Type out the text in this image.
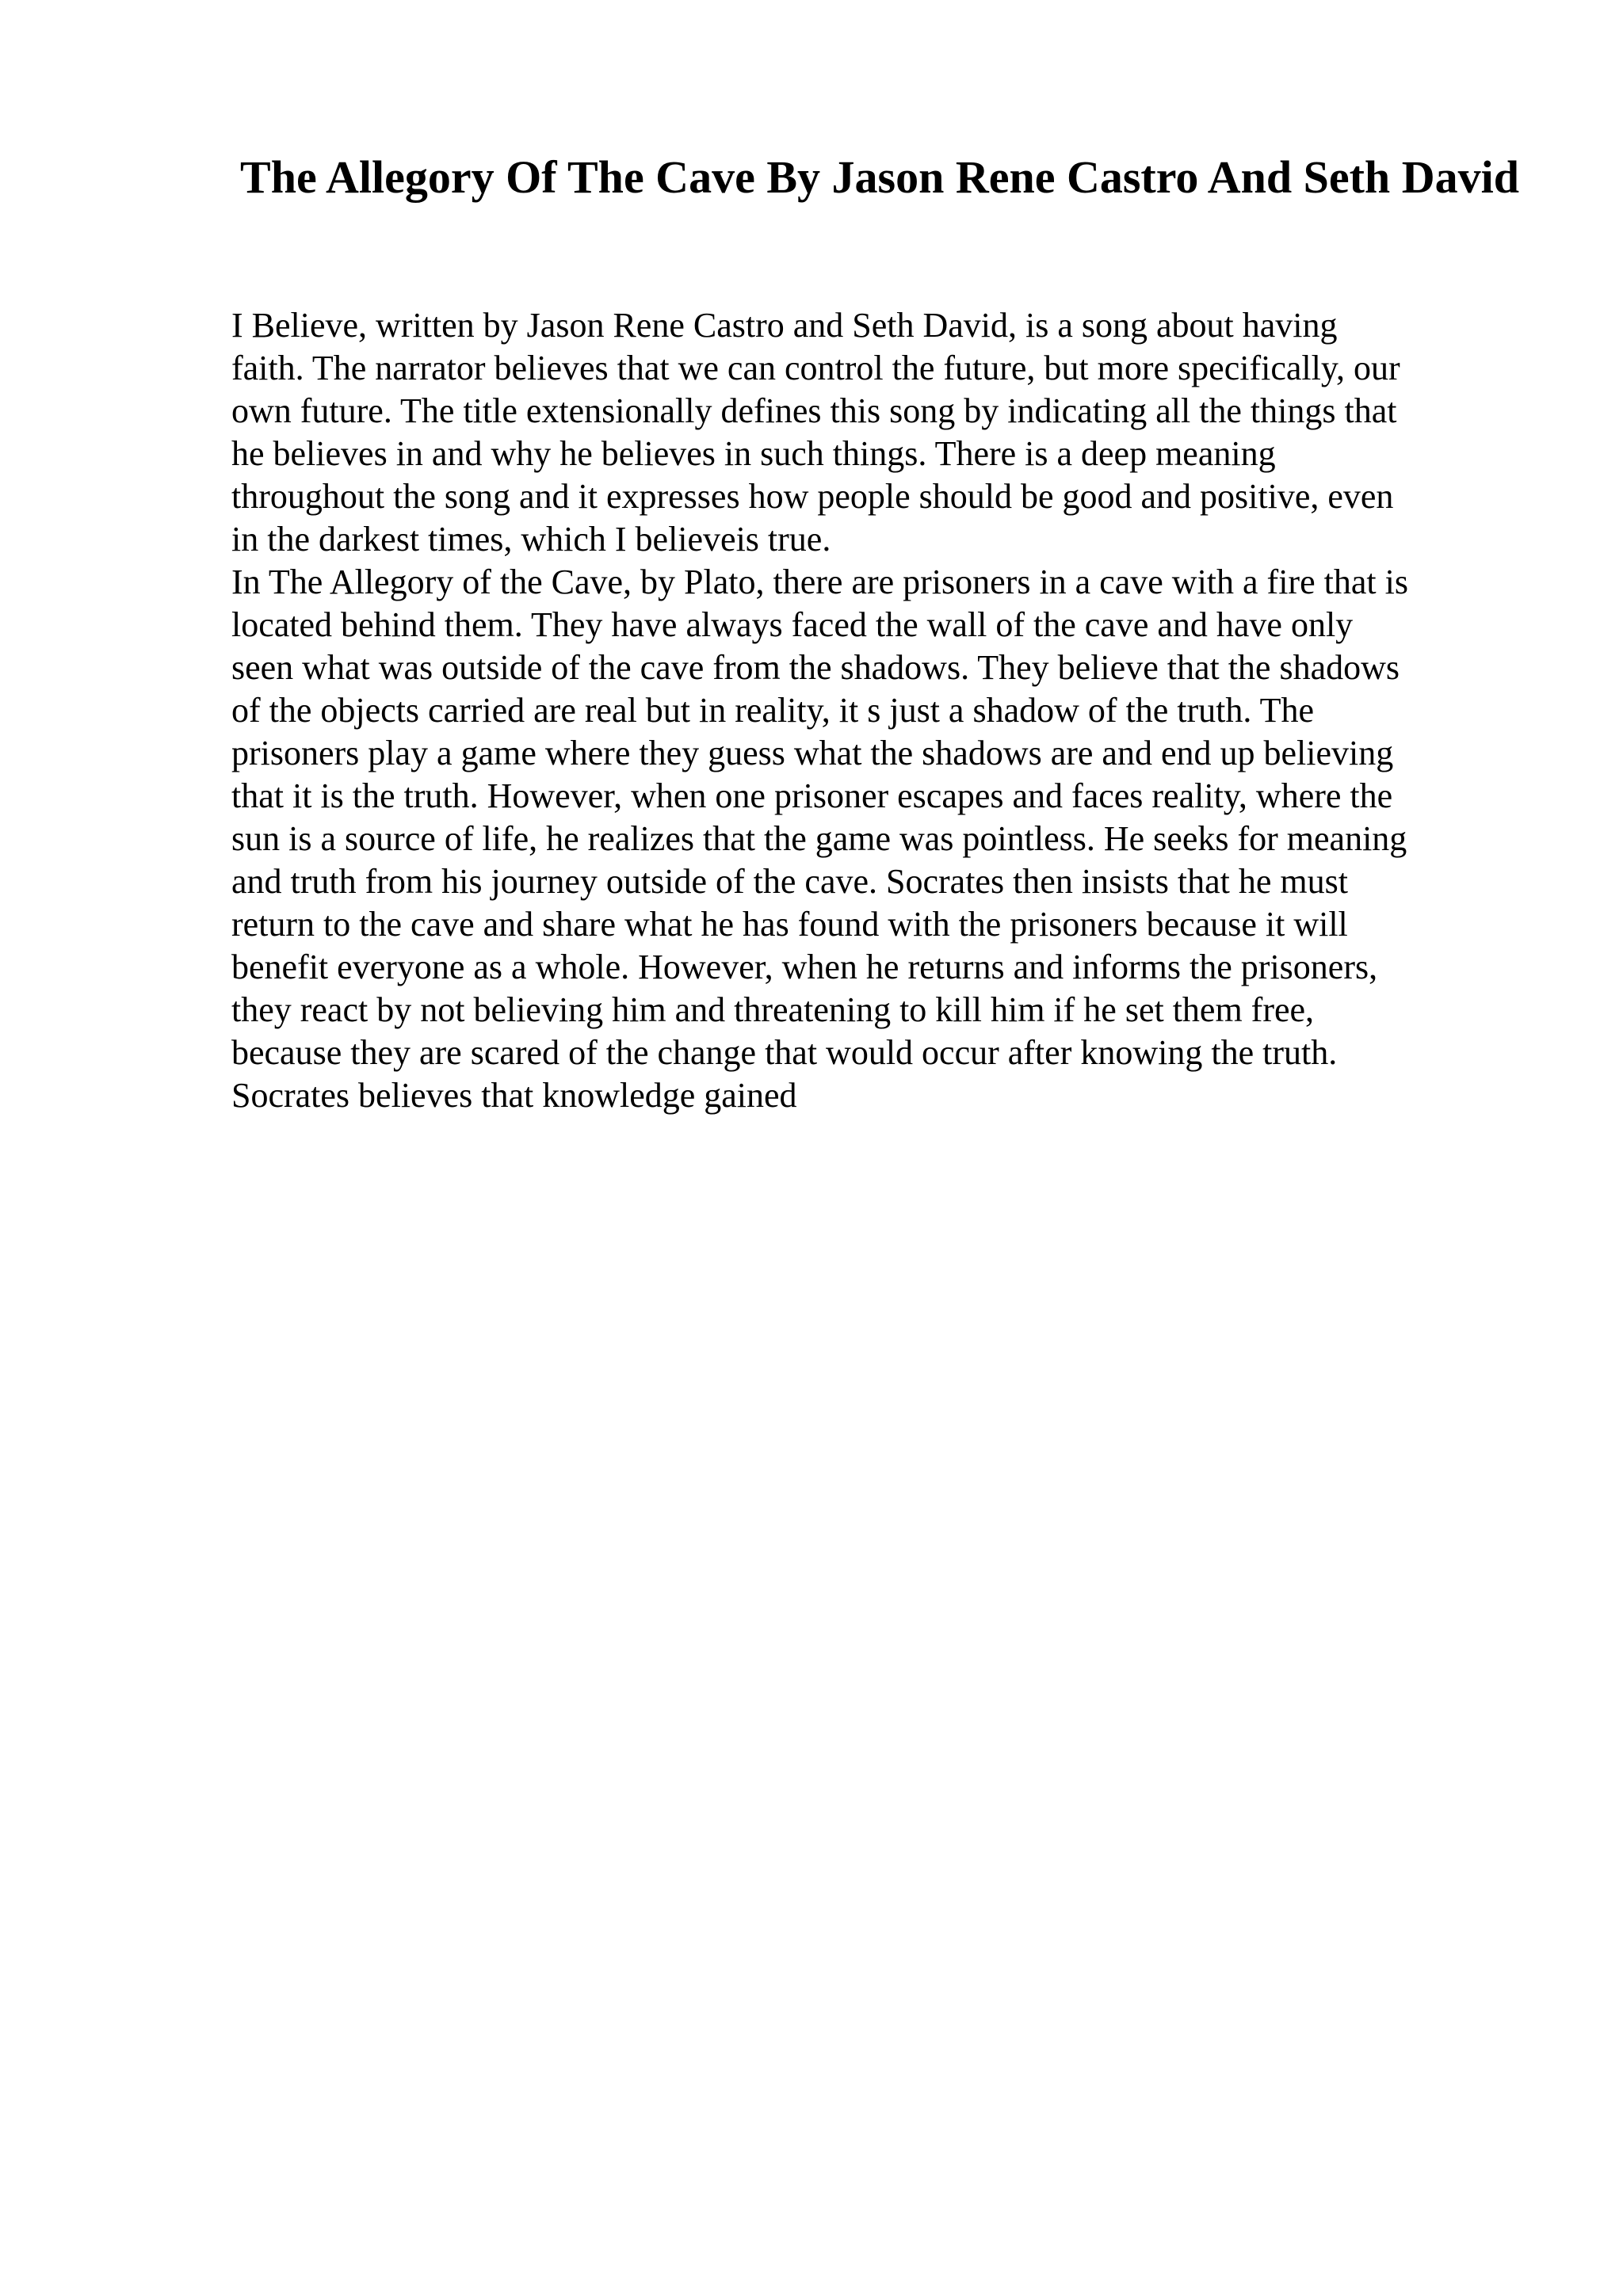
The Allegory Of The Cave By Jason Rene Castro And Seth David
I Believe, written by Jason Rene Castro and Seth David, is a song about having
faith. The narrator believes that we can control the future, but more specifically, our
own future. The title extensionally defines this song by indicating all the things that
he believes in and why he believes in such things. There is a deep meaning
throughout the song and it expresses how people should be good and positive, even
in the darkest times, which I believeis true.
In The Allegory of the Cave, by Plato, there are prisoners in a cave with a fire that is
located behind them. They have always faced the wall of the cave and have only
seen what was outside of the cave from the shadows. They believe that the shadows
of the objects carried are real but in reality, it s just a shadow of the truth. The
prisoners play a game where they guess what the shadows are and end up believing
that it is the truth. However, when one prisoner escapes and faces reality, where the
sun is a source of life, he realizes that the game was pointless. He seeks for meaning
and truth from his journey outside of the cave. Socrates then insists that he must
return to the cave and share what he has found with the prisoners because it will
benefit everyone as a whole. However, when he returns and informs the prisoners,
they react by not believing him and threatening to kill him if he set them free,
because they are scared of the change that would occur after knowing the truth.
Socrates believes that knowledge gained
